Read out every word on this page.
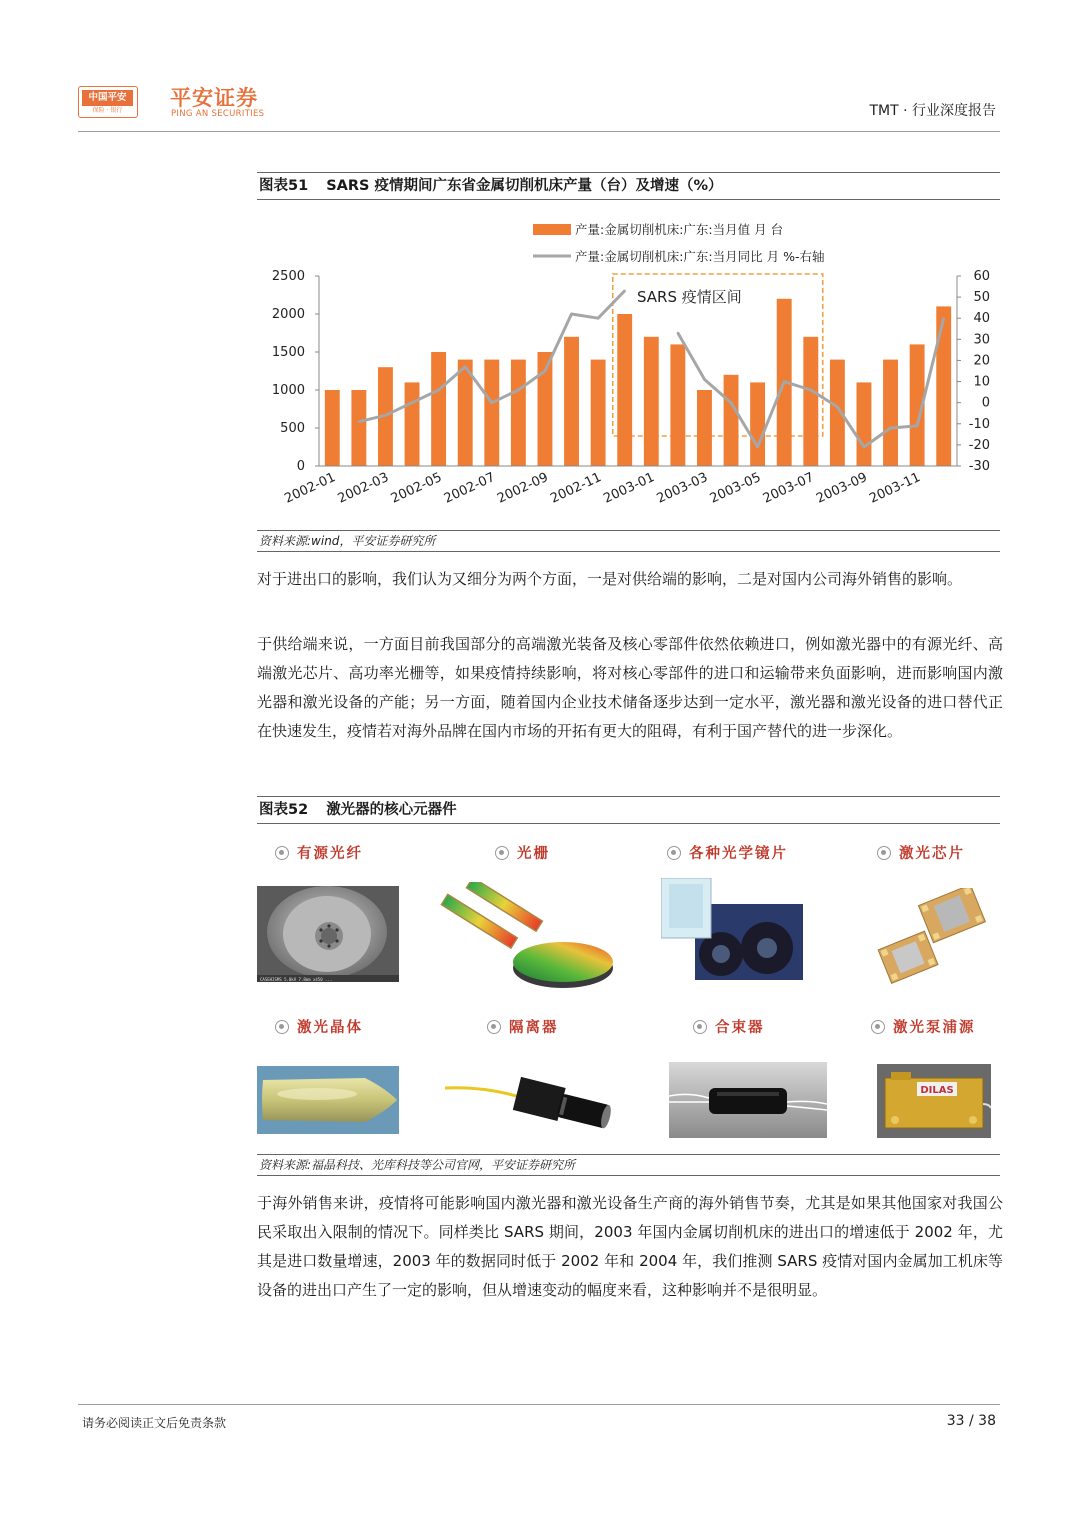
中国平安
保险 · 银行
平安证券
PING AN SECURITIES	TMT · 行业深度报告
图表51 SARS 疫情期间广东省金属切削机床产量（台）及增速（%）
0
500
1000
1500
2000
2500
-30
-20
-10
0
10
20
30
40
50
60
2002-01
2002-03
2002-05
2002-07
2002-09
2002-11
2003-01
2003-03
2003-05
2003-07
2003-09
2003-11
产量:金属切削机床:广东:当月值 月 台
产量:金属切削机床:广东:当月同比 月 %-右轴
SARS 疫情区间
资料来源:wind，平安证券研究所
对于进出口的影响，我们认为又细分为两个方面，一是对供给端的影响，二是对国内公司海外销售的影响。
于供给端来说，一方面目前我国部分的高端激光装备及核心零部件依然依赖进口，例如激光器中的有源光纤、高端激光芯片、高功率光栅等，如果疫情持续影响，将对核心零部件的进口和运输带来负面影响，进而影响国内激光器和激光设备的产能；另一方面，随着国内企业技术储备逐步达到一定水平，激光器和激光设备的进口替代正在快速发生，疫情若对海外品牌在国内市场的开拓有更大的阻碍，有利于国产替代的进一步深化。
图表52 激光器的核心元器件
有源光纤	光栅	各种光学镜片	激光芯片
CASEHISMS 5.0kV 7.8mm x450 ...
激光晶体	隔离器	合束器	激光泵浦源
DILAS
资料来源:福晶科技、光库科技等公司官网，平安证券研究所
于海外销售来讲，疫情将可能影响国内激光器和激光设备生产商的海外销售节奏，尤其是如果其他国家对我国公民采取出入限制的情况下。同样类比 SARS 期间，2003 年国内金属切削机床的进出口的增速低于 2002 年，尤其是进口数量增速，2003 年的数据同时低于 2002 年和 2004 年，我们推测 SARS 疫情对国内金属加工机床等设备的进出口产生了一定的影响，但从增速变动的幅度来看，这种影响并不是很明显。
请务必阅读正文后免责条款	33 / 38
